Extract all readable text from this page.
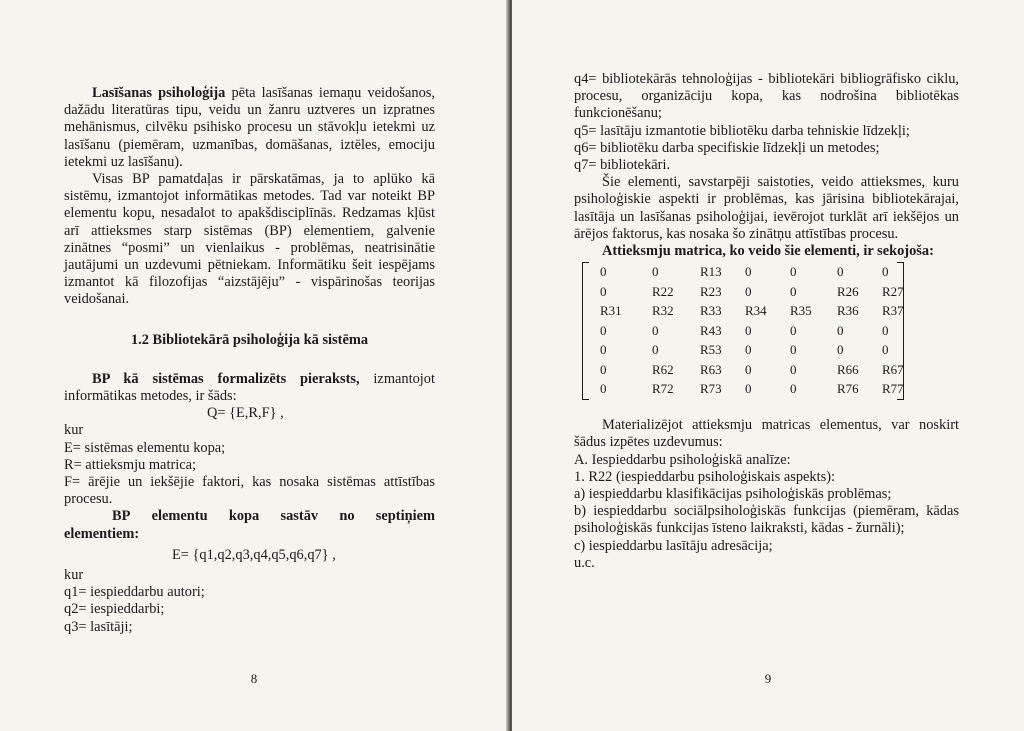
Lasīšanas psiholoģija pēta lasīšanas iemaņu veidošanos, dažādu literatūras tipu, veidu un žanru uztveres un izpratnes mehānismus, cilvēku psihisko procesu un stāvokļu ietekmi uz lasīšanu (piemēram, uzmanības, domāšanas, iztēles, emociju ietekmi uz lasīšanu).

Visas BP pamatdaļas ir pārskatāmas, ja to aplūko kā sistēmu, izmantojot informātikas metodes. Tad var noteikt BP elementu kopu, nesadalot to apakšdisciplīnās. Redzamas kļūst arī attieksmes starp sistēmas (BP) elementiem, galvenie zinātnes “posmi” un vienlaikus - problēmas, neatrisinātie jautājumi un uzdevumi pētniekam. Informātiku šeit iespējams izmantot kā filozofijas “aizstājēju” - vispārinošas teorijas veidošanai.

1.2 Bibliotekārā psiholoģija kā sistēma

BP kā sistēmas formalizēts pieraksts, izmantojot informātikas metodes, ir šāds:

Q= {E,R,F} ,

kur

E= sistēmas elementu kopa;

R= attieksmju matrica;

F= ārējie un iekšējie faktori, kas nosaka sistēmas attīstības procesu.

BP elementu kopa sastāv no septiņiem

elementiem:

E= {q1,q2,q3,q4,q5,q6,q7} ,

kur

q1= iespieddarbu autori;

q2= iespieddarbi;

q3= lasītāji;

8

q4= bibliotekārās tehnoloģijas - bibliotekāri bibliogrāfisko ciklu, procesu, organizāciju kopa, kas nodrošina bibliotēkas funkcionēšanu;

q5= lasītāju izmantotie bibliotēku darba tehniskie līdzekļi;

q6= bibliotēku darba specifiskie līdzekļi un metodes;

q7= bibliotekāri.

Šie elementi, savstarpēji saistoties, veido attieksmes, kuru psiholoģiskie aspekti ir problēmas, kas jārisina bibliotekārajai, lasītāja un lasīšanas psiholoģijai, ievērojot turklāt arī iekšējos un ārējos faktorus, kas nosaka šo zinātņu attīstības procesu.

Attieksmju matrica, ko veido šie elementi, ir sekojoša:

0	0	R13 0	0	0	0
0	R22 R23 0	0	R26 R27
R31 R32 R33 R34 R35 R36 R37
0	0	R43 0	0	0	0
0	0	R53 0	0	0	0
0	R62 R63 0	0	R66 R67
0	R72 R73 0	0	R76 R77

Materializējot attieksmju matricas elementus, var noskirt šādus izpētes uzdevumus:

A. Iespieddarbu psiholoģiskā analīze:

1. R22 (iespieddarbu psiholoģiskais aspekts):

a) iespieddarbu klasifikācijas psiholoģiskās problēmas;

b) iespieddarbu sociālpsiholoģiskās funkcijas (piemēram, kādas psiholoģiskās funkcijas īsteno laikraksti, kādas - žurnāli);

c) iespieddarbu lasītāju adresācija;

u.c.

9
